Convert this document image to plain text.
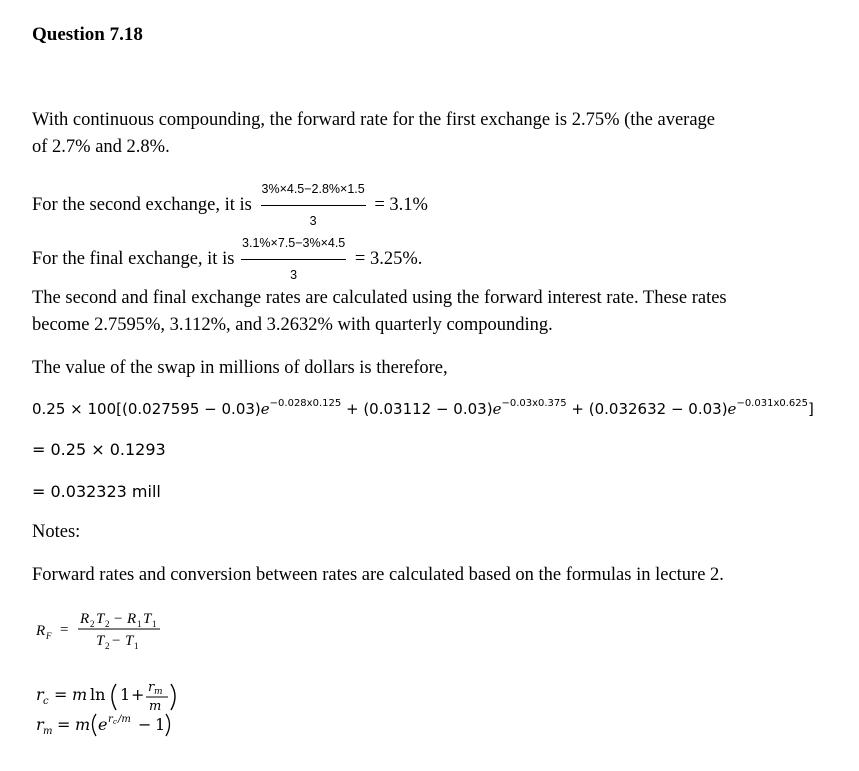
Question 7.18
With continuous compounding, the forward rate for the first exchange is 2.75% (the average
of 2.7% and 2.8%.
For the second exchange, it is $\frac{3\%\times 4.5-2.8\%\times 1.5}{3} = 3.1\%$
For the final exchange, it is $\frac{3.1\%\times 7.5-3\%\times 4.5}{3} = 3.25\%$.
The second and final exchange rates are calculated using the forward interest rate. These rates
become 2.7595%, 3.112%, and 3.2632% with quarterly compounding.
The value of the swap in millions of dollars is therefore,
$0.25 \times 100[(0.027595 - 0.03)e^{-0.028x0.125} + (0.03112 - 0.03)e^{-0.03x0.375} + (0.032632 - 0.03)e^{-0.031x0.625}]$
= 0.25 × 0.1293
= 0.032323 mill
Notes:
Forward rates and conversion between rates are calculated based on the formulas in lecture 2.
R F =
R 2 T 2 − R 1 T 1
T 2 − T 1
r c = m ln 1 + r m
m
r m = m e r c /m − 1
